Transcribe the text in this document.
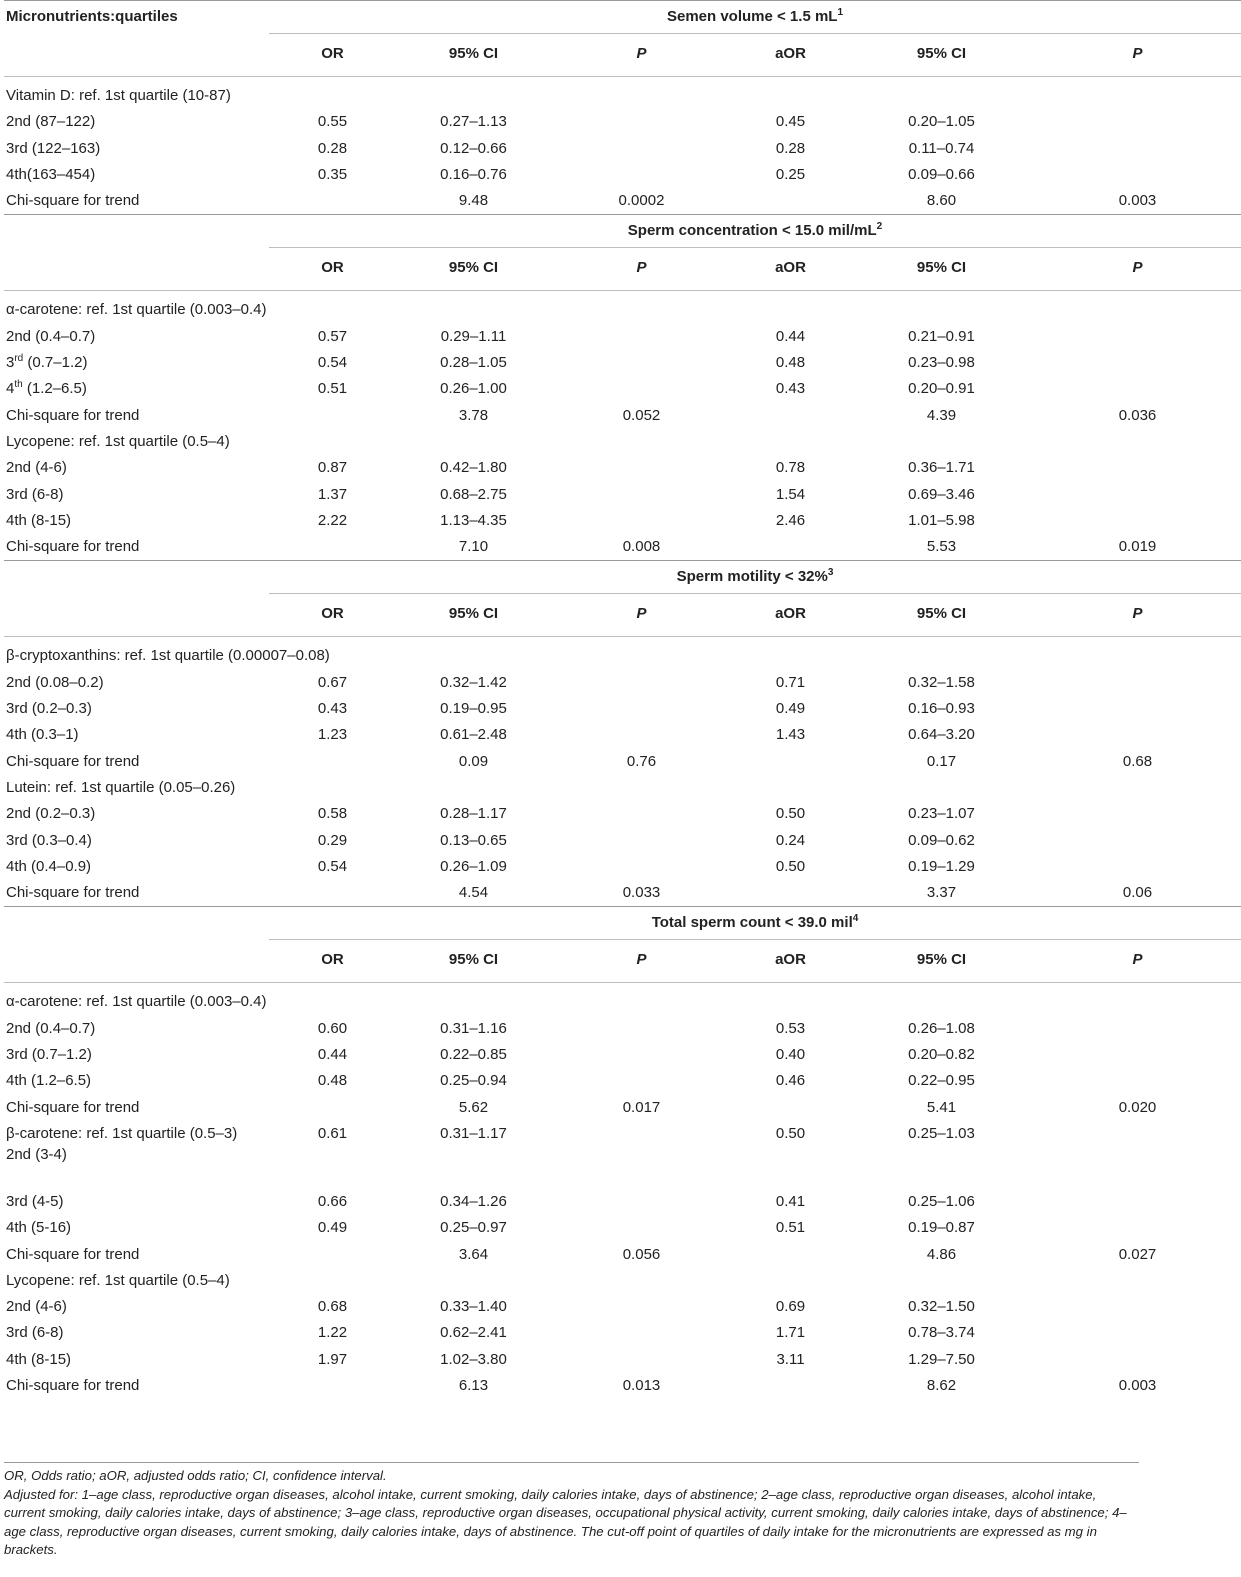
Micronutrients:quartiles	Semen volume < 1.5 $mL^1$
	OR	95% CI	P	aOR	95% CI	P
Vitamin D: ref. 1st quartile (10-87)						
2nd (87–122)	0.55	0.27–1.13		0.45	0.20–1.05	
3rd (122–163)	0.28	0.12–0.66		0.28	0.11–0.74	
4th(163–454)	0.35	0.16–0.76		0.25	0.09–0.66	
Chi-square for trend		9.48	0.0002		8.60	0.003
	Sperm concentration < 15.0 mil/$mL^2$
	OR	95% CI	P	aOR	95% CI	P
α-carotene: ref. 1st quartile (0.003–0.4)						
2nd (0.4–0.7)	0.57	0.29–1.11		0.44	0.21–0.91	
3rd (0.7–1.2)	0.54	0.28–1.05		0.48	0.23–0.98	
4th (1.2–6.5)	0.51	0.26–1.00		0.43	0.20–0.91	
Chi-square for trend		3.78	0.052		4.39	0.036
Lycopene: ref. 1st quartile (0.5–4)						
2nd (4-6)	0.87	0.42–1.80		0.78	0.36–1.71	
3rd (6-8)	1.37	0.68–2.75		1.54	0.69–3.46	
4th (8-15)	2.22	1.13–4.35		2.46	1.01–5.98	
Chi-square for trend		7.10	0.008		5.53	0.019
	Sperm motility < 32%$^3$
	OR	95% CI	P	aOR	95% CI	P
β-cryptoxanthins: ref. 1st quartile (0.00007–0.08)						
2nd (0.08–0.2)	0.67	0.32–1.42		0.71	0.32–1.58	
3rd (0.2–0.3)	0.43	0.19–0.95		0.49	0.16–0.93	
4th (0.3–1)	1.23	0.61–2.48		1.43	0.64–3.20	
Chi-square for trend		0.09	0.76		0.17	0.68
Lutein: ref. 1st quartile (0.05–0.26)						
2nd (0.2–0.3)	0.58	0.28–1.17		0.50	0.23–1.07	
3rd (0.3–0.4)	0.29	0.13–0.65		0.24	0.09–0.62	
4th (0.4–0.9)	0.54	0.26–1.09		0.50	0.19–1.29	
Chi-square for trend		4.54	0.033		3.37	0.06
	Total sperm count < 39.0 mil$^4$
	OR	95% CI	P	aOR	95% CI	P
α-carotene: ref. 1st quartile (0.003–0.4)						
2nd (0.4–0.7)	0.60	0.31–1.16		0.53	0.26–1.08	
3rd (0.7–1.2)	0.44	0.22–0.85		0.40	0.20–0.82	
4th (1.2–6.5)	0.48	0.25–0.94		0.46	0.22–0.95	
Chi-square for trend		5.62	0.017		5.41	0.020
β-carotene: ref. 1st quartile (0.5–3)
2nd (3-4)	0.61	0.31–1.17		0.50	0.25–1.03	
3rd (4-5)	0.66	0.34–1.26		0.41	0.25–1.06	
4th (5-16)	0.49	0.25–0.97		0.51	0.19–0.87	
Chi-square for trend		3.64	0.056		4.86	0.027
Lycopene: ref. 1st quartile (0.5–4)						
2nd (4-6)	0.68	0.33–1.40		0.69	0.32–1.50	
3rd (6-8)	1.22	0.62–2.41		1.71	0.78–3.74	
4th (8-15)	1.97	1.02–3.80		3.11	1.29–7.50	
Chi-square for trend		6.13	0.013		8.62	0.003
OR, Odds ratio; aOR, adjusted odds ratio; CI, confidence interval.
Adjusted for: 1–age class, reproductive organ diseases, alcohol intake, current smoking, daily calories intake, days of abstinence; 2–age class, reproductive organ diseases, alcohol intake, current smoking, daily calories intake, days of abstinence; 3–age class, reproductive organ diseases, occupational physical activity, current smoking, daily calories intake, days of abstinence; 4–age class, reproductive organ diseases, current smoking, daily calories intake, days of abstinence. The cut-off point of quartiles of daily intake for the micronutrients are expressed as mg in brackets.
